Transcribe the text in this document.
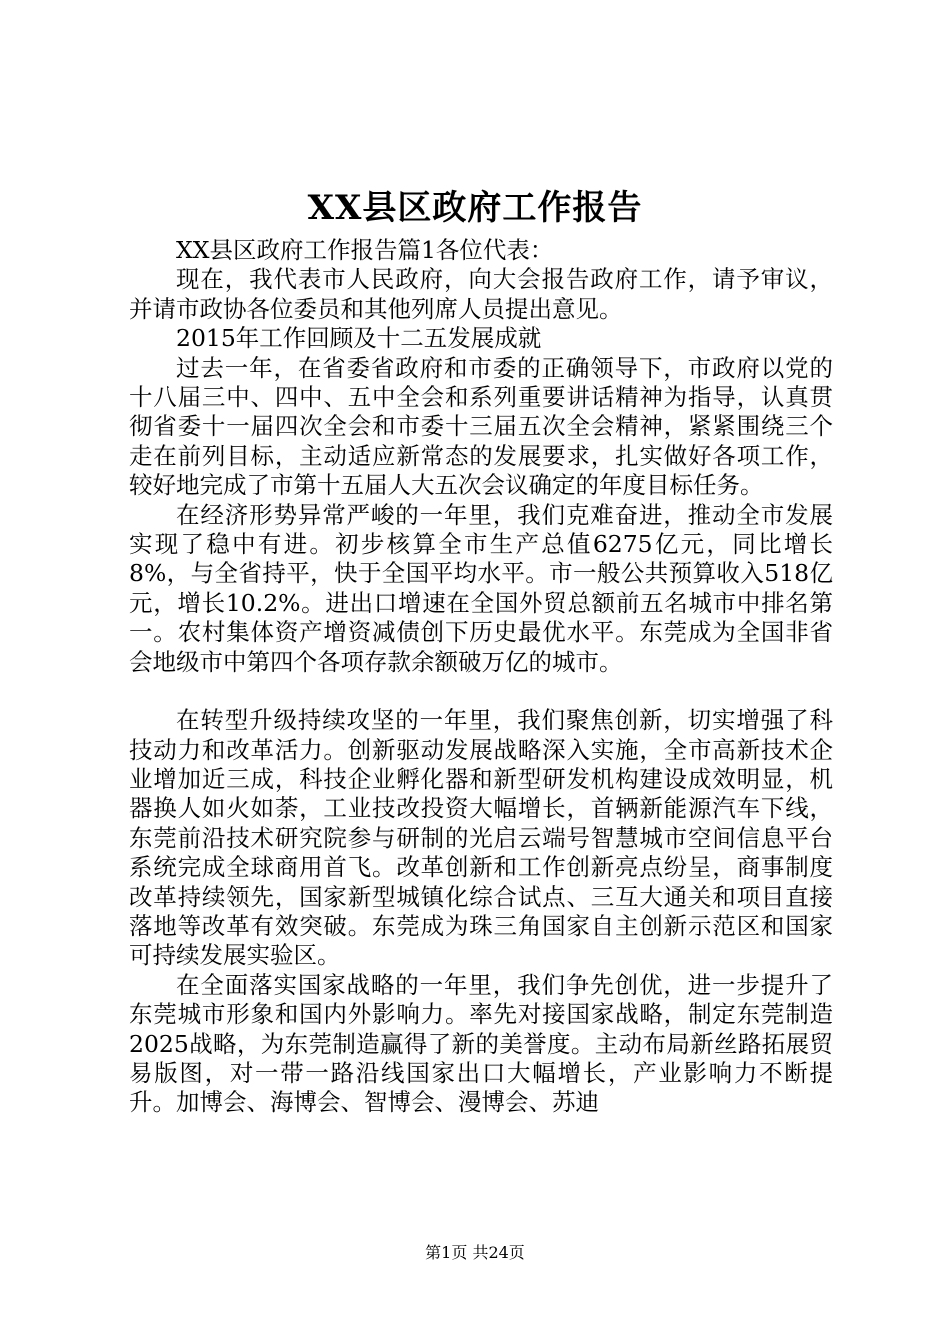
XX县区政府工作报告

XX县区政府工作报告篇1各位代表：

现在，我代表市人民政府，向大会报告政府工作，请予审议，并请市政协各位委员和其他列席人员提出意见。

2015年工作回顾及十二五发展成就

过去一年，在省委省政府和市委的正确领导下，市政府以党的十八届三中、四中、五中全会和系列重要讲话精神为指导，认真贯彻省委十一届四次全会和市委十三届五次全会精神，紧紧围绕三个走在前列目标，主动适应新常态的发展要求，扎实做好各项工作，较好地完成了市第十五届人大五次会议确定的年度目标任务。

在经济形势异常严峻的一年里，我们克难奋进，推动全市发展实现了稳中有进。初步核算全市生产总值6275亿元，同比增长8%，与全省持平，快于全国平均水平。市一般公共预算收入518亿元，增长10.2%。进出口增速在全国外贸总额前五名城市中排名第一。农村集体资产增资减债创下历史最优水平。东莞成为全国非省会地级市中第四个各项存款余额破万亿的城市。

在转型升级持续攻坚的一年里，我们聚焦创新，切实增强了科技动力和改革活力。创新驱动发展战略深入实施，全市高新技术企业增加近三成，科技企业孵化器和新型研发机构建设成效明显，机器换人如火如荼，工业技改投资大幅增长，首辆新能源汽车下线，东莞前沿技术研究院参与研制的光启云端号智慧城市空间信息平台系统完成全球商用首飞。改革创新和工作创新亮点纷呈，商事制度改革持续领先，国家新型城镇化综合试点、三互大通关和项目直接落地等改革有效突破。东莞成为珠三角国家自主创新示范区和国家可持续发展实验区。

在全面落实国家战略的一年里，我们争先创优，进一步提升了东莞城市形象和国内外影响力。率先对接国家战略，制定东莞制造2025战略，为东莞制造赢得了新的美誉度。主动布局新丝路拓展贸易版图，对一带一路沿线国家出口大幅增长，产业影响力不断提升。加博会、海博会、智博会、漫博会、苏迪

第1页 共24页
